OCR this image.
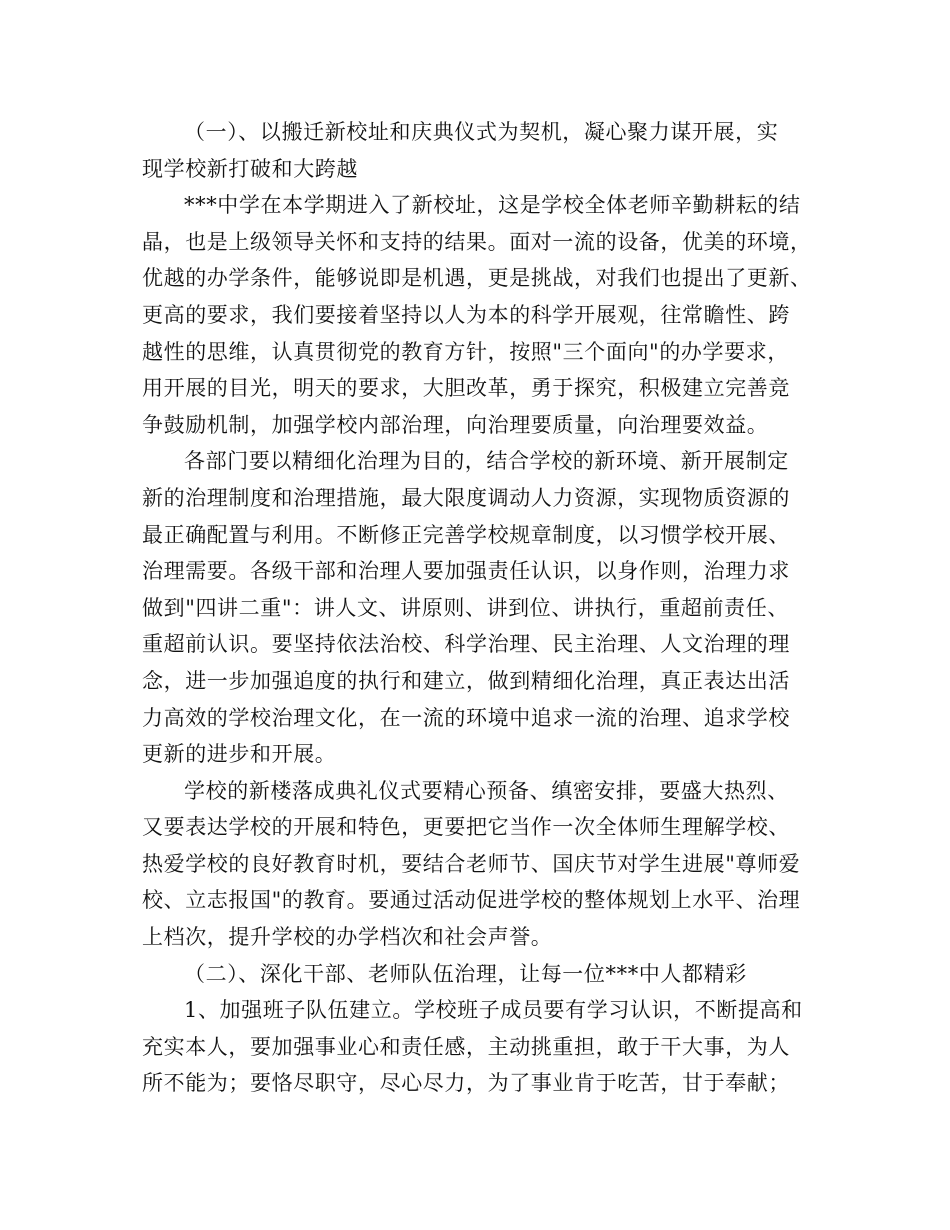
（一）、以搬迁新校址和庆典仪式为契机，凝心聚力谋开展，实
现学校新打破和大跨越
***中学在本学期进入了新校址，这是学校全体老师辛勤耕耘的结
晶，也是上级领导关怀和支持的结果。面对一流的设备，优美的环境，
优越的办学条件，能够说即是机遇，更是挑战，对我们也提出了更新、
更高的要求，我们要接着坚持以人为本的科学开展观，往常瞻性、跨
越性的思维，认真贯彻党的教育方针，按照"三个面向"的办学要求，
用开展的目光，明天的要求，大胆改革，勇于探究，积极建立完善竞
争鼓励机制，加强学校内部治理，向治理要质量，向治理要效益。
各部门要以精细化治理为目的，结合学校的新环境、新开展制定
新的治理制度和治理措施，最大限度调动人力资源，实现物质资源的
最正确配置与利用。不断修正完善学校规章制度，以习惯学校开展、
治理需要。各级干部和治理人要加强责任认识，以身作则，治理力求
做到"四讲二重"：讲人文、讲原则、讲到位、讲执行，重超前责任、
重超前认识。要坚持依法治校、科学治理、民主治理、人文治理的理
念，进一步加强追度的执行和建立，做到精细化治理，真正表达出活
力高效的学校治理文化，在一流的环境中追求一流的治理、追求学校
更新的进步和开展。
学校的新楼落成典礼仪式要精心预备、缜密安排，要盛大热烈、
又要表达学校的开展和特色，更要把它当作一次全体师生理解学校、
热爱学校的良好教育时机，要结合老师节、国庆节对学生进展"尊师爱
校、立志报国"的教育。要通过活动促进学校的整体规划上水平、治理
上档次，提升学校的办学档次和社会声誉。
（二）、深化干部、老师队伍治理，让每一位***中人都精彩
1、加强班子队伍建立。学校班子成员要有学习认识，不断提高和
充实本人，要加强事业心和责任感，主动挑重担，敢于干大事，为人
所不能为；要恪尽职守，尽心尽力，为了事业肯于吃苦，甘于奉献；
